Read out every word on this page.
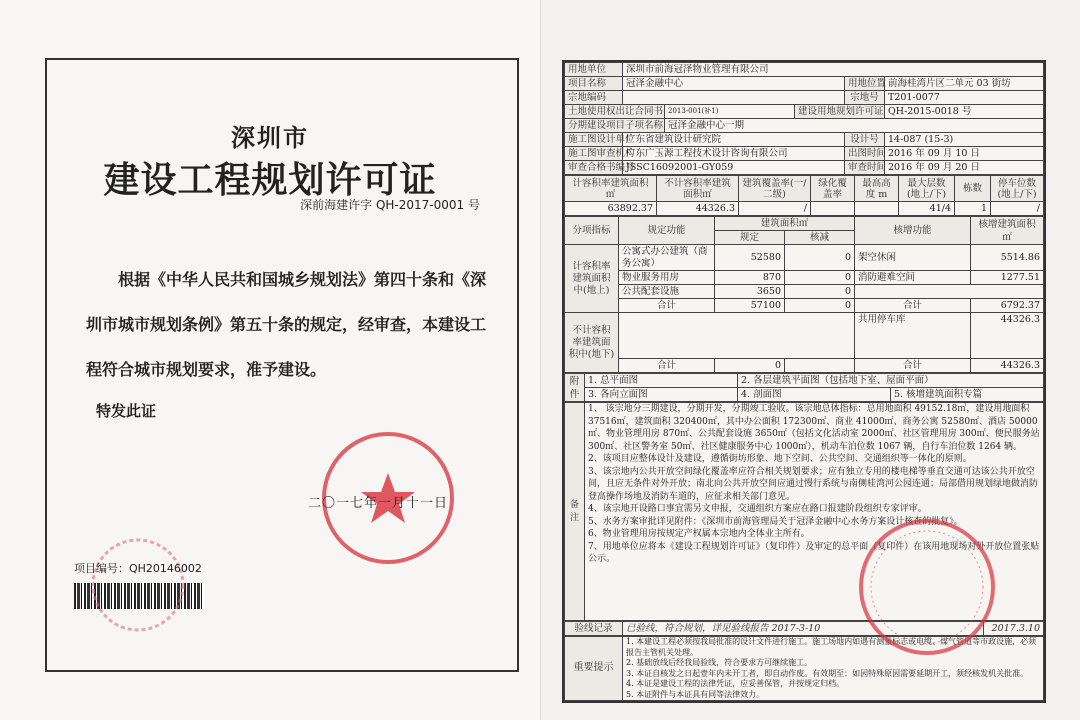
深圳市
建设工程规划许可证
深前海建许字 QH-2017-0001 号

根据《中华人民共和国城乡规划法》第四十条和《深圳市城市规划条例》第五十条的规定，经审查，本建设工程符合城市规划要求，准予建设。

特发此证
二〇一七年一月十一日
项目编号：QH20146002
用地单位	深圳市前海冠泽物业管理有限公司				
项目名称	冠泽金融中心			用地位置	前海桂湾片区二单元 03 街坊
宗地编码				宗地号	T201-0077
土地使用权出让合同书		2013-001(补1)	建设用地规划许可证		QH-2015-0018 号
分期建设项目子项名称		冠泽金融中心一期			
施工图设计单位	广东省建筑设计研究院			设计号	14-087 (15-3)
施工图审查机构	广东广玉源工程技术设计咨询有限公司			出图时间	2016 年 09 月 10 日
审查合格书编号	JSSC16092001-GY059			审查时间	2016 年 09 月 20 日
计容积率建筑面积㎡	不计容积率建筑面积㎡	建筑覆盖率(一/二级)	绿化覆盖率	最高高度 m	最大层数(地上/下)	栋数	停车位数(地上/下)
63892.37	44326.3	/			41/4	1	/
分项指标	规定功能	建筑面积㎡		核增功能	核增建筑面积㎡
		规定	核减		
计容积率建筑面积中(地上)	公寓式办公建筑（商务公寓）	52580	0	架空休闲	5514.86
	物业服务用房	870	0	消防避难空间	1277.51
	公共配套设施	3650	0		
	合计	57100	0	合计	6792.37
不计容积率建筑面积中(地下)				共用停车库	44326.3
	合计	0		合计	44326.3
附件	1. 总平面图	2. 各层建筑平面图（包括地下室、屋面平面）	
	3. 各向立面图	4. 剖面图	5. 核增建筑面积专篇
备注	
1、 该宗地分三期建设，分期开发，分期竣工验收。该宗地总体指标：总用地面积 49152.18㎡，建设用地面积 37516㎡，建筑面积 320400㎡，其中办公面积 172300㎡、商业 41000㎡、商务公寓 52580㎡、酒店 50000㎡、物业管理用房 870㎡、公共配套设施 3650㎡（包括文化活动室 2000㎡、社区管理用房 300㎡、便民服务站 300㎡、社区警务室 50㎡、社区健康服务中心 1000㎡），机动车泊位数 1067 辆，自行车泊位数 1264 辆。
2、该项目应整体设计及建设，遵循街坊形象、地下空间、公共空间、交通组织等一体化的原则。
3、该宗地内公共开放空间绿化覆盖率应符合相关规划要求；应有独立专用的楼电梯等垂直交通可达该公共开放空间，且应无条件对外开放；南北向公共开放空间应通过慢行系统与南侧桂湾河公园连通；局部借用规划绿地做消防登高操作场地及消防车道的，应征求相关部门意见。
4、该宗地开设路口事宜需另文申报，交通组织方案应在路口报建阶段组织专家评审。
5、水务方案审批详见附件：《深圳市前海管理局关于冠泽金融中心水务方案设计核查的批复》。
6、物业管理用房按规定产权属本宗地内全体业主所有。
7、用地单位应将本《建设工程规划许可证》（复印件）及审定的总平面（复印件）在该用地现场对外开放位置张贴公示。
验线记录	已验线，符合规划，详见验线报告 2017-3-10	2017.3.10
重要提示	
1. 本建设工程必须按我局批准的设计文件进行施工。施工场地内如遇有测量标志或电缆、煤气管道等市政设施，必须报告主管机关处理。
2. 基础放线后经我局验线，符合要求方可继续施工。
3. 本证自核发之日起壹年内未开工者，即自动作废。有效期至：如因特殊原因需要延期开工，须经核发机关批准。
4. 本证是建设工程的法律凭证，应妥善保管，并按规定归档。
5. 本证附件与本证具有同等法律效力。
